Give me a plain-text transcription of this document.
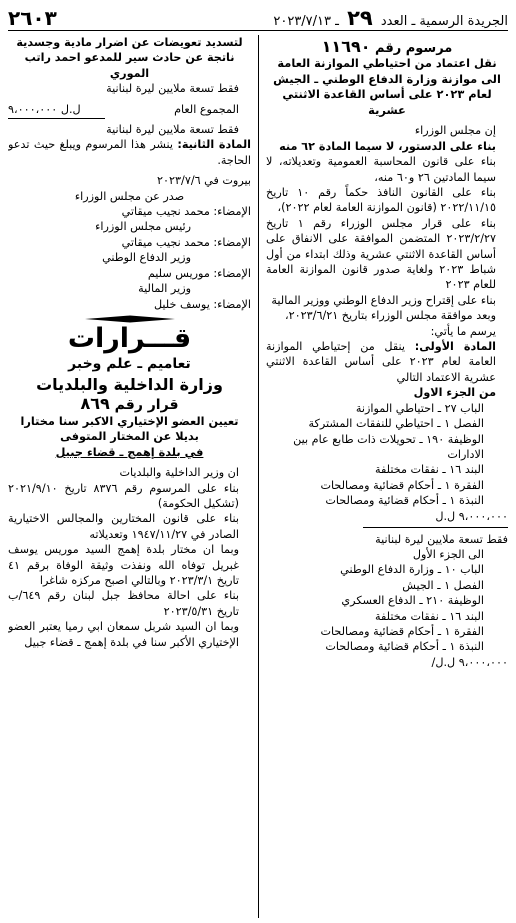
الجريدة الرسمية ـ العدد ٢٩ ـ ٢٠٢٣/٧/١٣
٢٦٠٣

مرسوم رقم ١١٦٩٠

نقل اعتماد من احتياطي الموازنة العامة

الى موازنة وزارة الدفاع الوطني ـ الجيش

لعام ٢٠٢٣ على أساس القاعدة الاثنتي عشرية

إن مجلس الوزراء

بناء على الدستور، لا سيما المادة ٦٢ منه

بناء على قانون المحاسبة العمومية وتعديلاته، لا سيما المادتين ٢٦ و٦٠ منه،

بناء على القانون النافذ حكماً رقم ١٠ تاريخ ٢٠٢٢/١١/١٥ (قانون الموازنة العامة لعام ٢٠٢٢)،

بناء على قرار مجلس الوزراء رقم ١ تاريخ ٢٠٢٣/٢/٢٧ المتضمن الموافقة على الانفاق على أساس القاعدة الاثنتي عشرية وذلك ابتداء من أول شباط ٢٠٢٣ ولغاية صدور قانون الموازنة العامة للعام ٢٠٢٣

بناء على إقتراح وزير الدفاع الوطني ووزير المالية

وبعد موافقة مجلس الوزراء بتاريخ ٢٠٢٣/٦/٢١،

يرسم ما يأتي:

المادة الأولى: ينقل من إحتياطي الموازنة العامة لعام ٢٠٢٣ على أساس القاعدة الاثنتي عشرية الاعتماد التالي

من الجزء الاول

الباب ٢٧ ـ احتياطي الموازنة

الفصل ١ ـ احتياطي للنفقات المشتركة

الوظيفة ١٩٠ ـ تحويلات ذات طابع عام بين الادارات

البند ١٦ ـ نفقات مختلفة

الفقرة ١ ـ أحكام قضائية ومصالحات

النبذة ١ ـ أحكام قضائية ومصالحات

ل.ل ٩،٠٠٠،٠٠٠

فقط تسعة ملايين ليرة لبنانية

الى الجزء الأول

الباب ١٠ ـ وزارة الدفاع الوطني

الفصل ١ ـ الجيش

الوظيفة ٢١٠ ـ الدفاع العسكري

البند ١٦ ـ نفقات مختلفة

الفقرة ١ ـ أحكام قضائية ومصالحات

النبذة ١ ـ أحكام قضائية ومصالحات

/ل.ل ٩،٠٠٠،٠٠٠

لتسديد تعويضات عن اضرار مادية وجسدية

ناتجة عن حادث سير للمدعو احمد راتب الموري

فقط تسعة ملايين ليرة لبنانية

المجموع العام
ل.ل ٩،٠٠٠،٠٠٠

فقط تسعة ملايين ليرة لبنانية

المادة الثانية: ينشر هذا المرسوم ويبلغ حيث تدعو الحاجة.

بيروت في ٢٠٢٣/٧/٦

صدر عن مجلس الوزراء

الإمضاء: محمد نجيب ميقاتي

رئيس مجلس الوزراء

الإمضاء: محمد نجيب ميقاتي

وزير الدفاع الوطني

الإمضاء: موريس سليم

وزير المالية

الإمضاء: يوسف خليل

قـــرارات

تعاميم ـ علم وخبر

وزارة الداخلية والبلديات

قرار رقم ٨٦٩

تعيين العضو الإختياري الاكبر سنا مختارا

بديلا عن المختار المتوفى

في بلدة إهمج ـ قضاء جبيل

ان وزير الداخلية والبلديات

بناء على المرسوم رقم ٨٣٧٦ تاريخ ٢٠٢١/٩/١٠ (تشكيل الحكومة)

بناء على قانون المختارين والمجالس الاختيارية الصادر في ١٩٤٧/١١/٢٧ وتعديلاته

وبما ان مختار بلدة إهمج السيد موريس يوسف غبريل توفاه الله ونفذت وثيقة الوفاة برقم ٤١ تاريخ ٢٠٢٣/٣/١ وبالتالي اصبح مركزه شاغرا

بناء على احالة محافظ جبل لبنان رقم ٦٤٩/ب تاريخ ٢٠٢٣/٥/٣١

وبما ان السيد شربل سمعان ابي رميا يعتبر العضو الإختياري الأكبر سنا في بلدة إهمج ـ قضاء جبيل
